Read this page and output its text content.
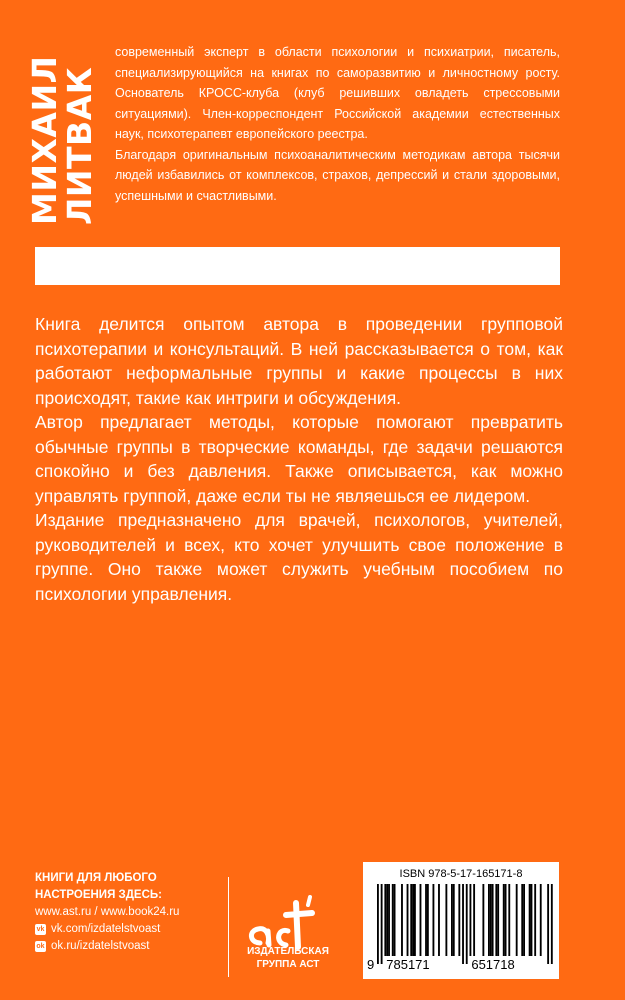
МИХАИЛ
ЛИТВАК

современный эксперт в области психологии и психиатрии, писатель, специализирующийся на книгах по саморазвитию и личностному росту. Основатель КРОСС-клуба (клуб решивших овладеть стрессовыми ситуациями). Член-корреспондент Российской академии естественных наук, психотерапевт европейского реестра.

Благодаря оригинальным психоаналитическим методикам автора тысячи людей избавились от комплексов, страхов, депрессий и стали здоровыми, успешными и счастливыми.

Книга делится опытом автора в проведении групповой психотерапии и консультаций. В ней рассказывается о том, как работают неформальные группы и какие процессы в них происходят, такие как интриги и обсуждения.

Автор предлагает методы, которые помогают превратить обычные группы в творческие команды, где задачи решаются спокойно и без давления. Также описывается, как можно управлять группой, даже если ты не являешься ее лидером.

Издание предназначено для врачей, психологов, учителей, руководителей и всех, кто хочет улучшить свое положение в группе. Оно также может служить учебным пособием по психологии управления.

КНИГИ ДЛЯ ЛЮБОГО
НАСТРОЕНИЯ ЗДЕСЬ:
www.ast.ru / www.book24.ru
vk vk.com/izdatelstvoast
ok ok.ru/izdatelstvoast	ИЗДАТЕЛЬСКАЯ
ГРУППА АСТ
ISBN 978-5-17-165171-8
9 785171	651718
